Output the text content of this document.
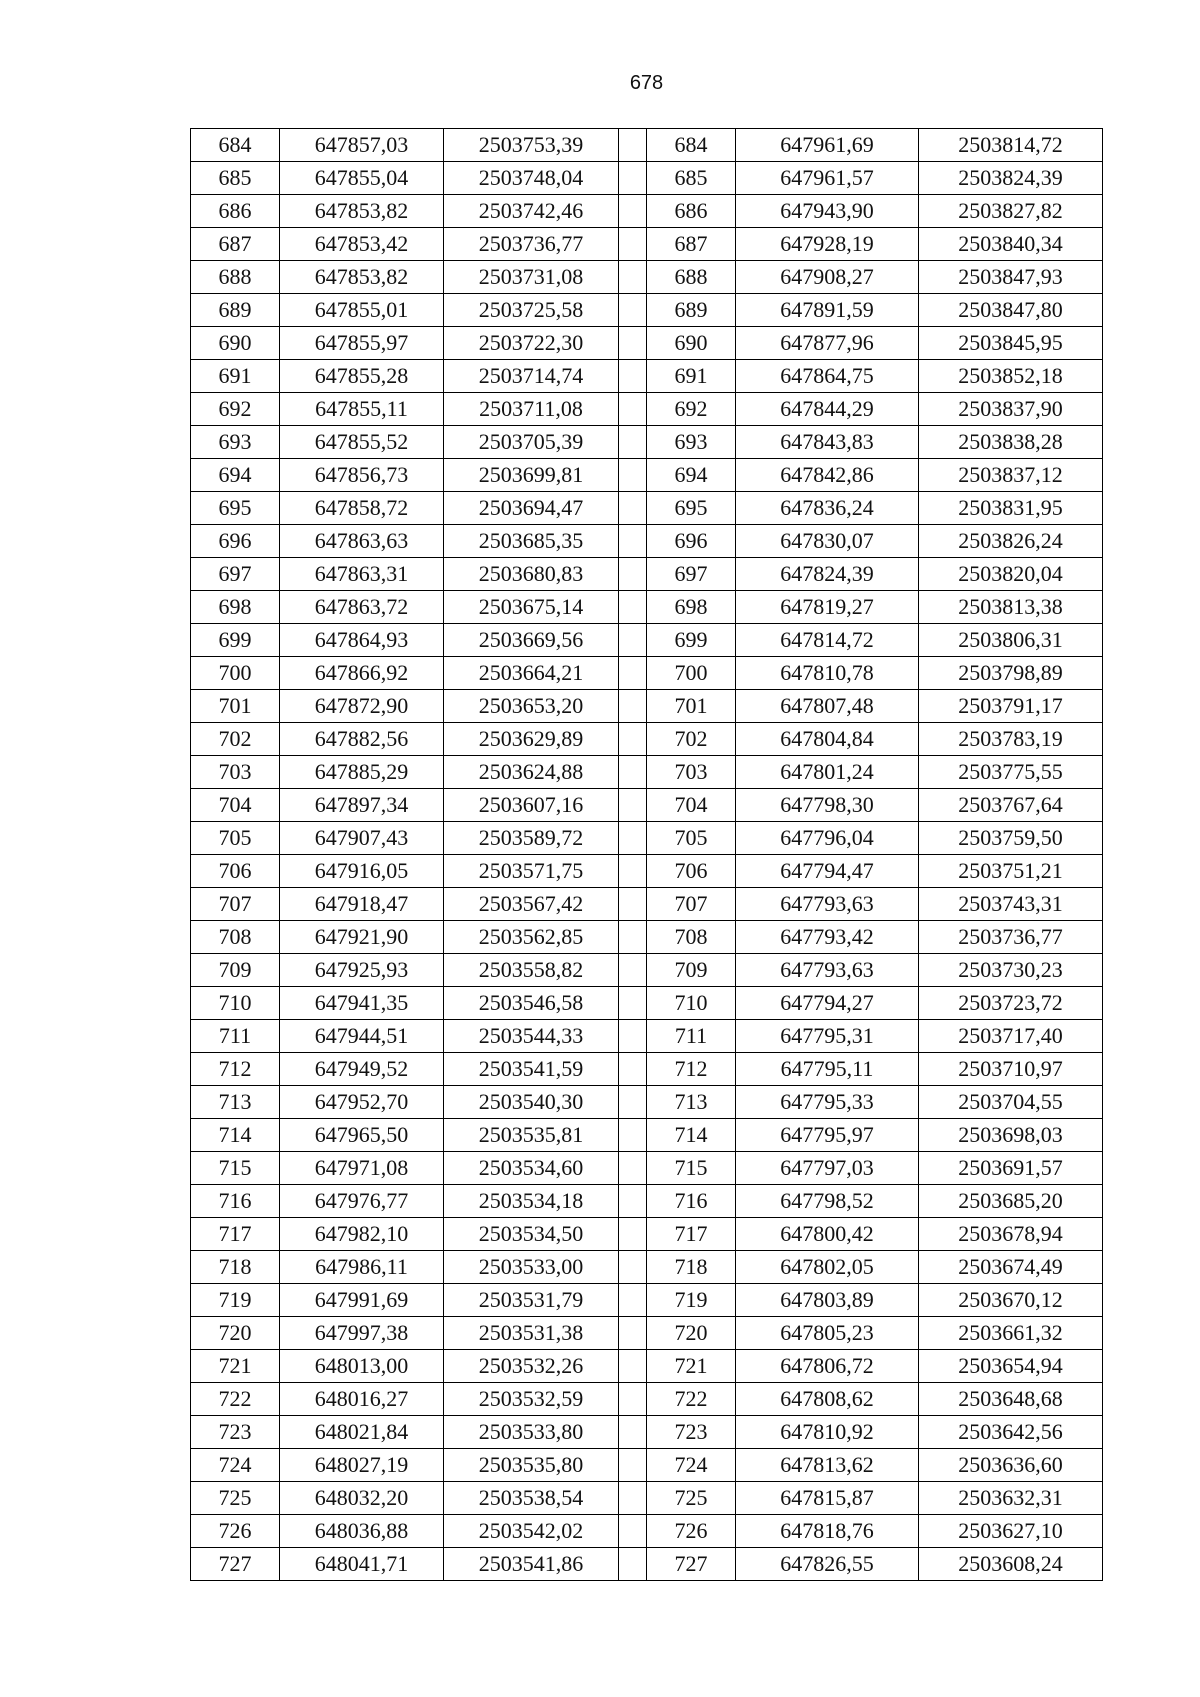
678
684	647857,03	2503753,39		684	647961,69	2503814,72
685	647855,04	2503748,04		685	647961,57	2503824,39
686	647853,82	2503742,46		686	647943,90	2503827,82
687	647853,42	2503736,77		687	647928,19	2503840,34
688	647853,82	2503731,08		688	647908,27	2503847,93
689	647855,01	2503725,58		689	647891,59	2503847,80
690	647855,97	2503722,30		690	647877,96	2503845,95
691	647855,28	2503714,74		691	647864,75	2503852,18
692	647855,11	2503711,08		692	647844,29	2503837,90
693	647855,52	2503705,39		693	647843,83	2503838,28
694	647856,73	2503699,81		694	647842,86	2503837,12
695	647858,72	2503694,47		695	647836,24	2503831,95
696	647863,63	2503685,35		696	647830,07	2503826,24
697	647863,31	2503680,83		697	647824,39	2503820,04
698	647863,72	2503675,14		698	647819,27	2503813,38
699	647864,93	2503669,56		699	647814,72	2503806,31
700	647866,92	2503664,21		700	647810,78	2503798,89
701	647872,90	2503653,20		701	647807,48	2503791,17
702	647882,56	2503629,89		702	647804,84	2503783,19
703	647885,29	2503624,88		703	647801,24	2503775,55
704	647897,34	2503607,16		704	647798,30	2503767,64
705	647907,43	2503589,72		705	647796,04	2503759,50
706	647916,05	2503571,75		706	647794,47	2503751,21
707	647918,47	2503567,42		707	647793,63	2503743,31
708	647921,90	2503562,85		708	647793,42	2503736,77
709	647925,93	2503558,82		709	647793,63	2503730,23
710	647941,35	2503546,58		710	647794,27	2503723,72
711	647944,51	2503544,33		711	647795,31	2503717,40
712	647949,52	2503541,59		712	647795,11	2503710,97
713	647952,70	2503540,30		713	647795,33	2503704,55
714	647965,50	2503535,81		714	647795,97	2503698,03
715	647971,08	2503534,60		715	647797,03	2503691,57
716	647976,77	2503534,18		716	647798,52	2503685,20
717	647982,10	2503534,50		717	647800,42	2503678,94
718	647986,11	2503533,00		718	647802,05	2503674,49
719	647991,69	2503531,79		719	647803,89	2503670,12
720	647997,38	2503531,38		720	647805,23	2503661,32
721	648013,00	2503532,26		721	647806,72	2503654,94
722	648016,27	2503532,59		722	647808,62	2503648,68
723	648021,84	2503533,80		723	647810,92	2503642,56
724	648027,19	2503535,80		724	647813,62	2503636,60
725	648032,20	2503538,54		725	647815,87	2503632,31
726	648036,88	2503542,02		726	647818,76	2503627,10
727	648041,71	2503541,86		727	647826,55	2503608,24
